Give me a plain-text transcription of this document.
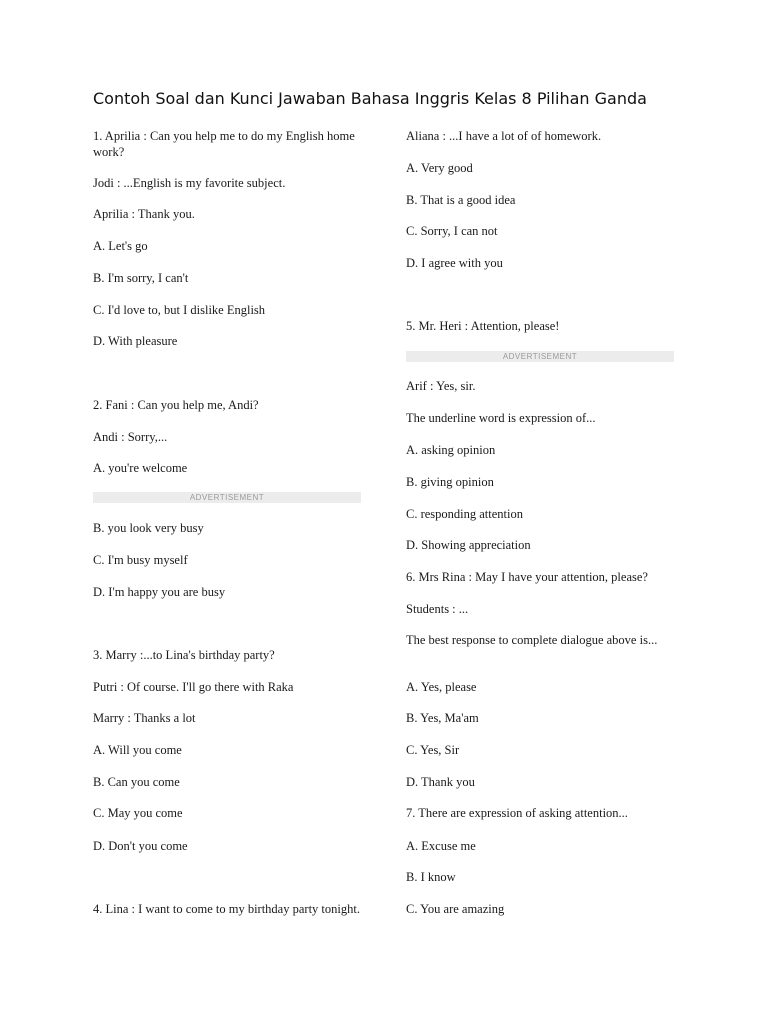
Contoh Soal dan Kunci Jawaban Bahasa Inggris Kelas 8 Pilihan Ganda

1. Aprilia : Can you help me to do my English home work?

Jodi : ...English is my favorite subject.

Aprilia : Thank you.

A. Let's go

B. I'm sorry, I can't

C. I'd love to, but I dislike English

D. With pleasure

2. Fani : Can you help me, Andi?

Andi : Sorry,...

A. you're welcome

ADVERTISEMENT

B. you look very busy

C. I'm busy myself

D. I'm happy you are busy

3. Marry :...to Lina's birthday party?

Putri : Of course. I'll go there with Raka

Marry : Thanks a lot

A. Will you come

B. Can you come

C. May you come

D. Don't you come

4. Lina : I want to come to my birthday party tonight.

Aliana : ...I have a lot of of homework.

A. Very good

B. That is a good idea

C. Sorry, I can not

D. I agree with you

5. Mr. Heri : Attention, please!

ADVERTISEMENT

Arif : Yes, sir.

The underline word is expression of...

A. asking opinion

B. giving opinion

C. responding attention

D. Showing appreciation

6. Mrs Rina : May I have your attention, please?

Students : ...

The best response to complete dialogue above is...

A. Yes, please

B. Yes, Ma'am

C. Yes, Sir

D. Thank you

7. There are expression of asking attention...

A. Excuse me

B. I know

C. You are amazing
